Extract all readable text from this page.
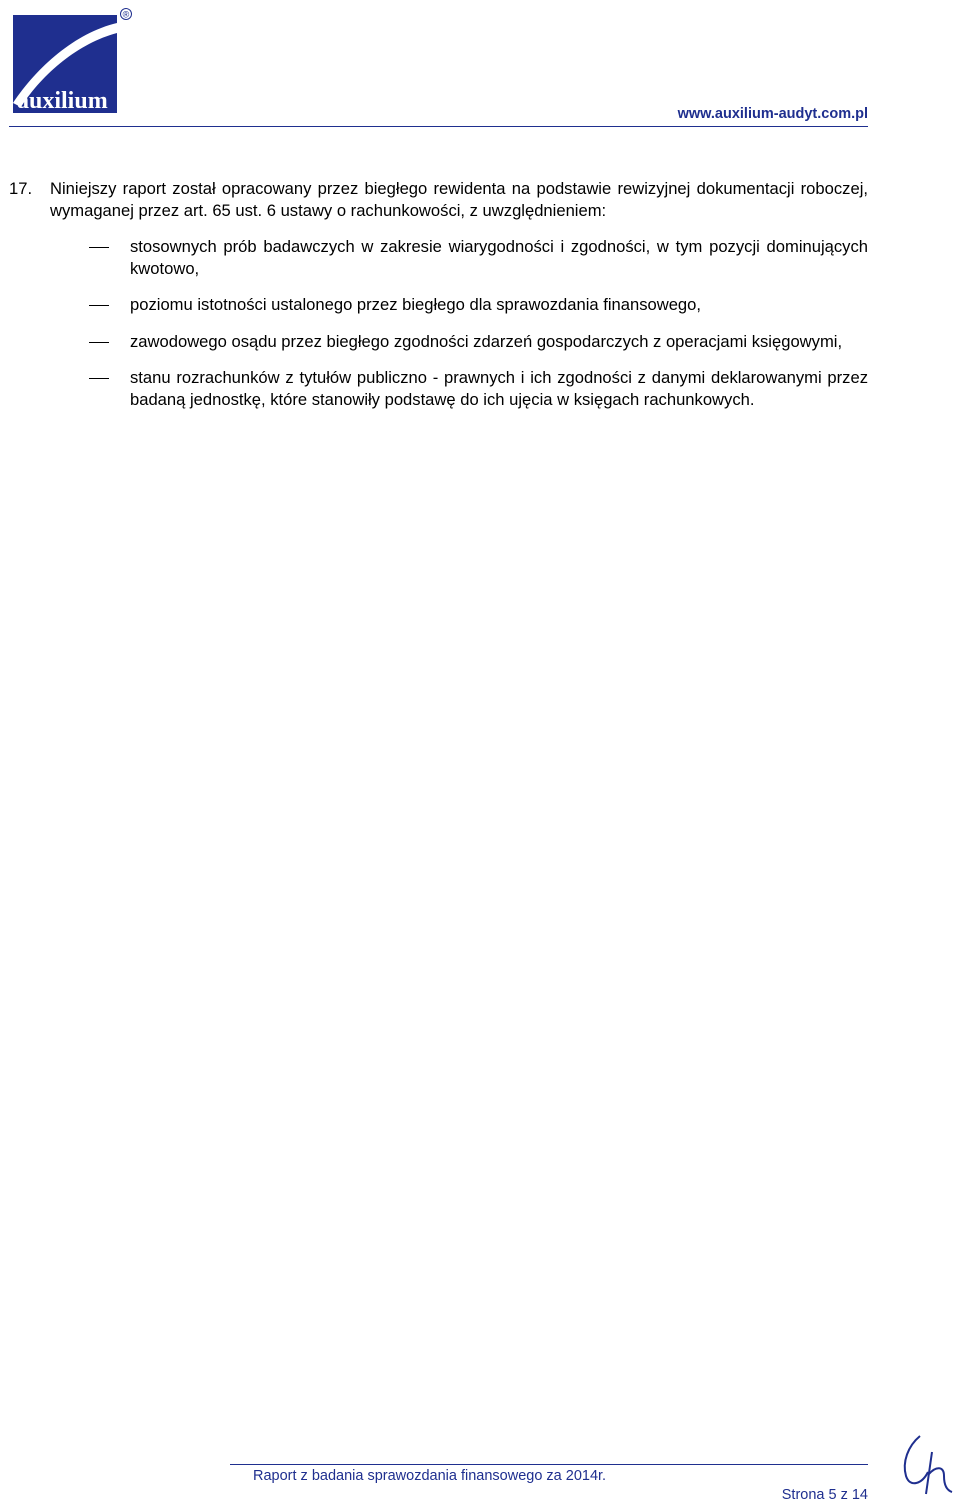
auxilium
®
www.auxilium-audyt.com.pl
17. Niniejszy raport został opracowany przez biegłego rewidenta na podstawie rewizyjnej dokumentacji roboczej, wymaganej przez art. 65 ust. 6 ustawy o rachunkowości, z uwzględnieniem:
stosownych prób badawczych w zakresie wiarygodności i zgodności, w tym pozycji dominujących kwotowo,
poziomu istotności ustalonego przez biegłego dla sprawozdania finansowego,
zawodowego osądu przez biegłego zgodności zdarzeń gospodarczych z operacjami księgowymi,
stanu rozrachunków z tytułów publiczno - prawnych i ich zgodności z danymi deklarowanymi przez badaną jednostkę, które stanowiły podstawę do ich ujęcia w księgach rachunkowych.
Raport z badania sprawozdania finansowego za 2014r.
Strona 5 z 14
